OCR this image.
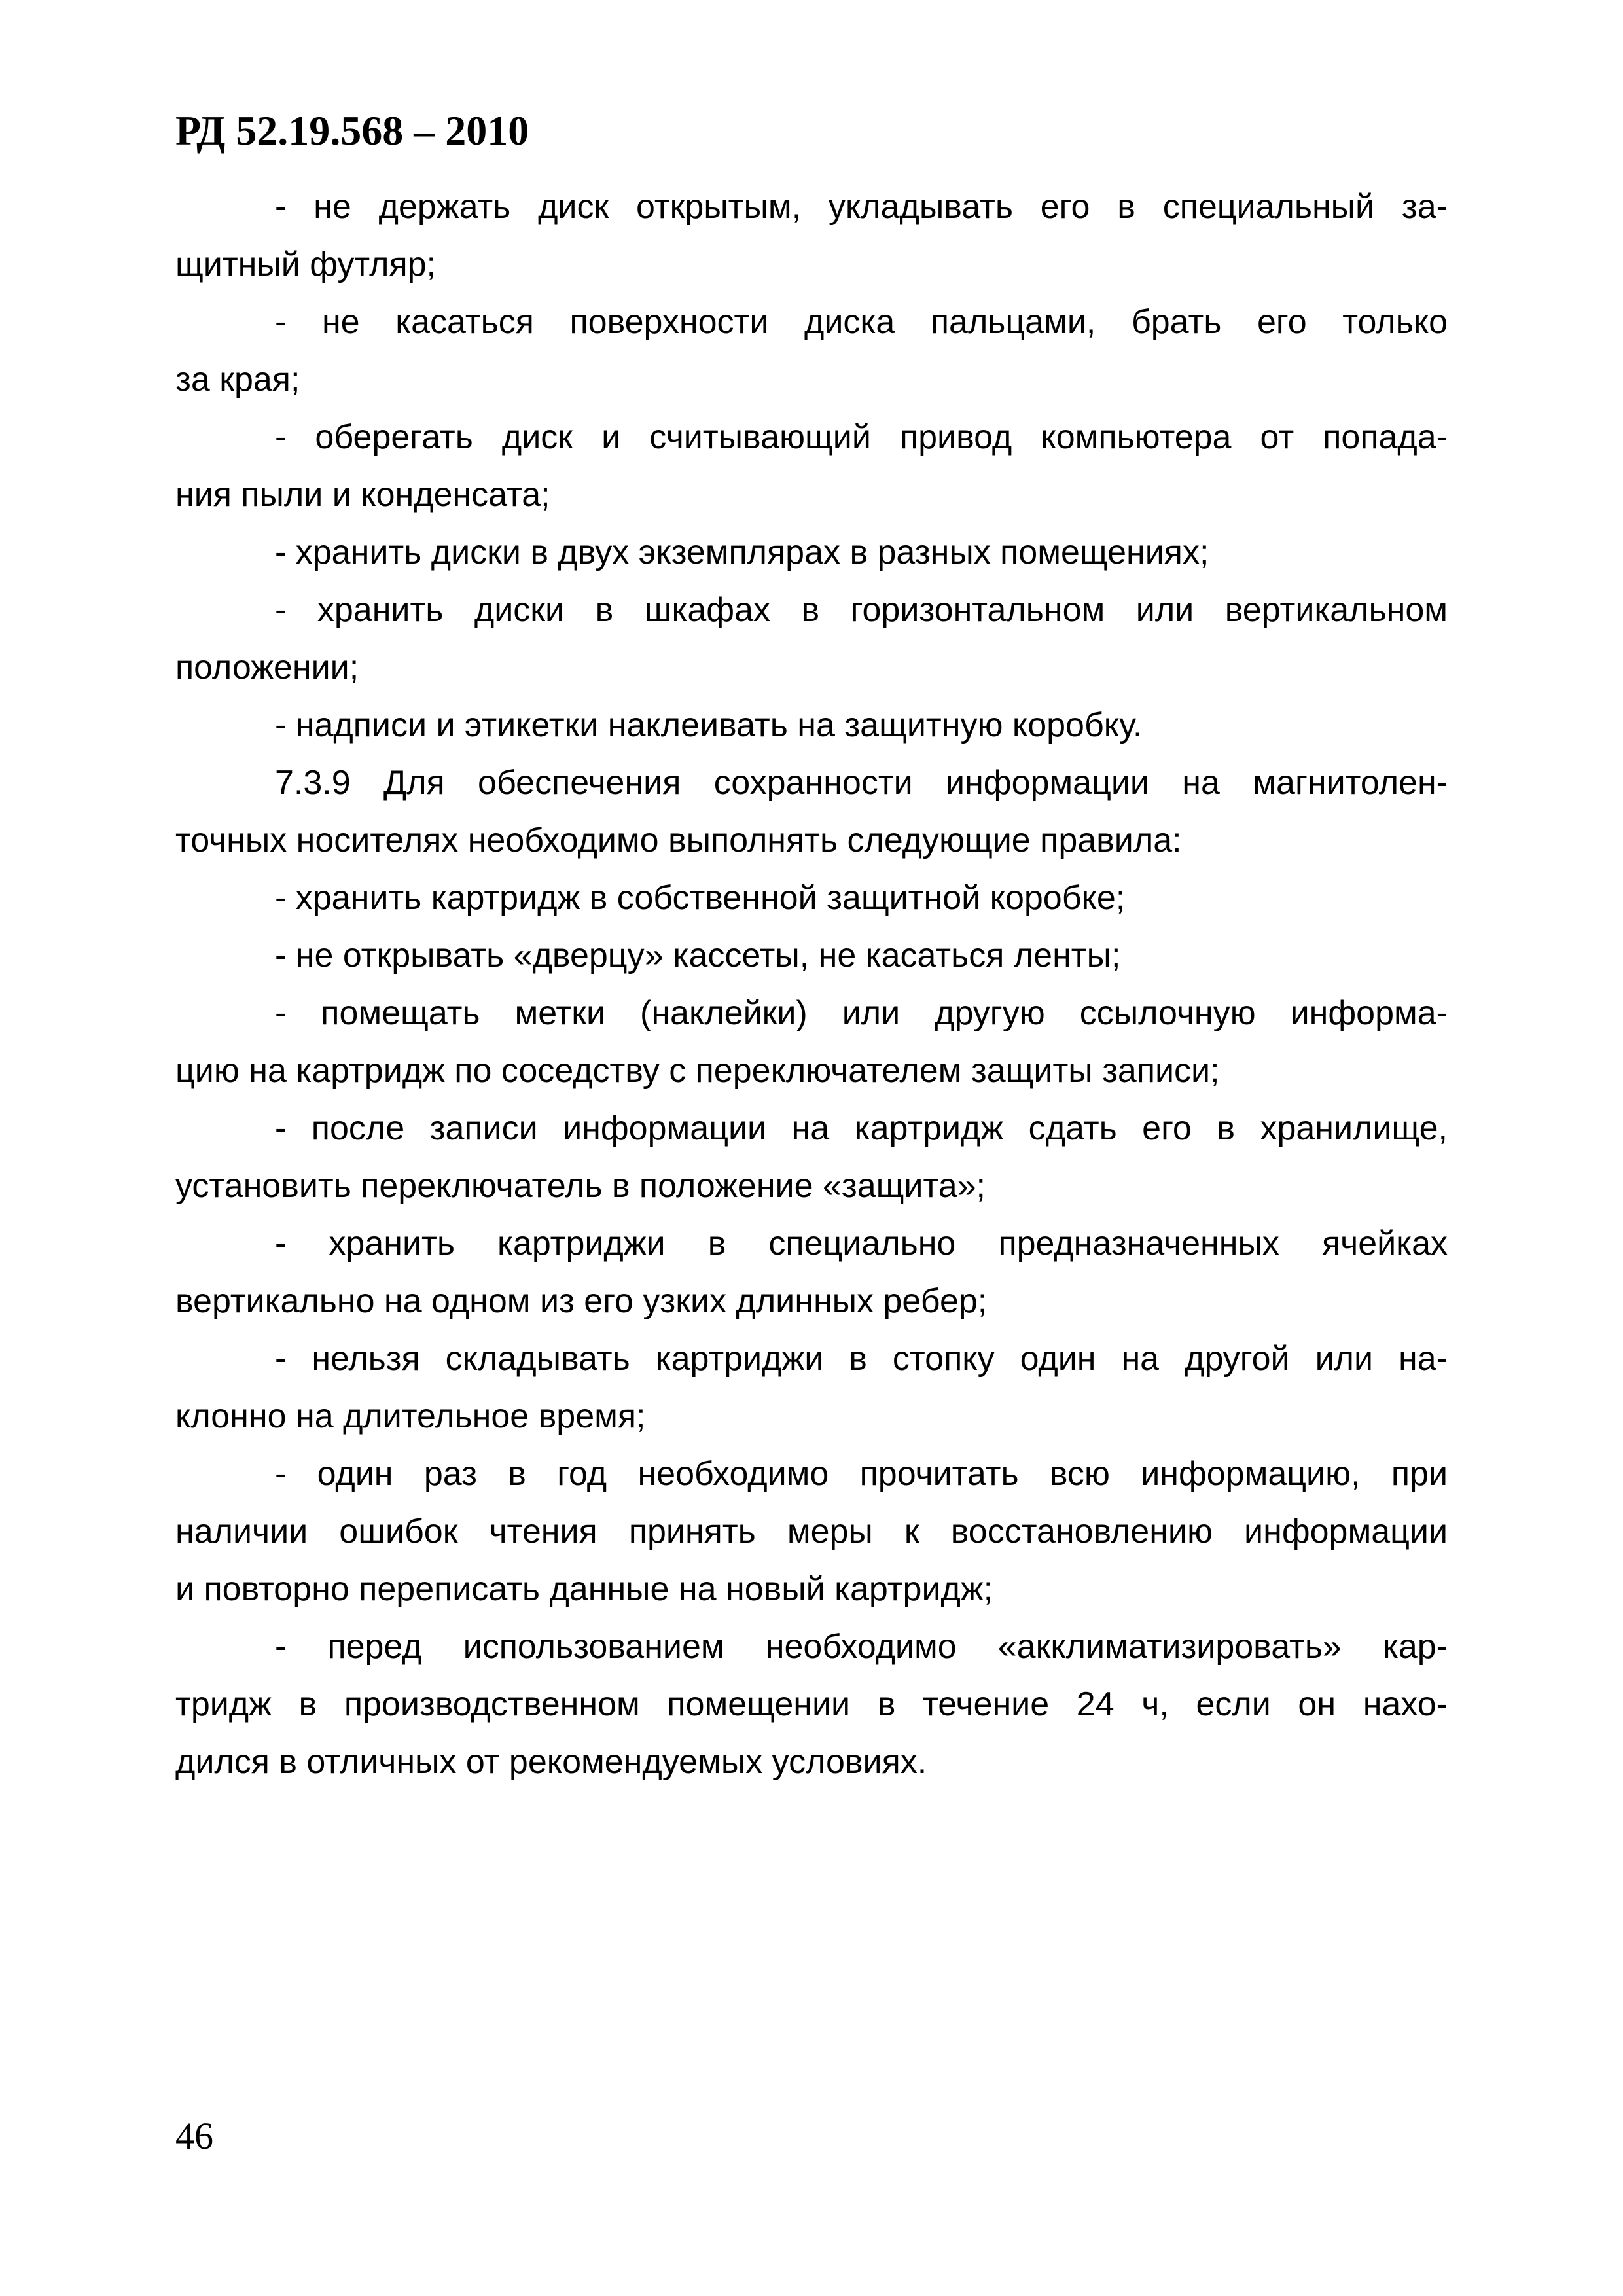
РД 52.19.568 – 2010
- не держать диск открытым, укладывать его в специальный за-
щитный футляр;
- не касаться поверхности диска пальцами, брать его только
за края;
- оберегать диск и считывающий привод компьютера от попада-
ния пыли и конденсата;
- хранить диски в двух экземплярах в разных помещениях;
- хранить диски в шкафах в горизонтальном или вертикальном
положении;
- надписи и этикетки наклеивать на защитную коробку.
7.3.9 Для обеспечения сохранности информации на магнитолен-
точных носителях необходимо выполнять следующие правила:
- хранить картридж в собственной защитной коробке;
- не открывать «дверцу» кассеты, не касаться ленты;
- помещать метки (наклейки) или другую ссылочную информа-
цию на картридж по соседству с переключателем защиты записи;
- после записи информации на картридж сдать его в хранилище,
установить переключатель в положение «защита»;
- хранить картриджи в специально предназначенных ячейках
вертикально на одном из его узких длинных ребер;
- нельзя складывать картриджи в стопку один на другой или на-
клонно на длительное время;
- один раз в год необходимо прочитать всю информацию, при
наличии ошибок чтения принять меры к восстановлению информации
и повторно переписать данные на новый картридж;
- перед использованием необходимо «акклиматизировать» кар-
тридж в производственном помещении в течение 24 ч, если он нахо-
дился в отличных от рекомендуемых условиях.
46
